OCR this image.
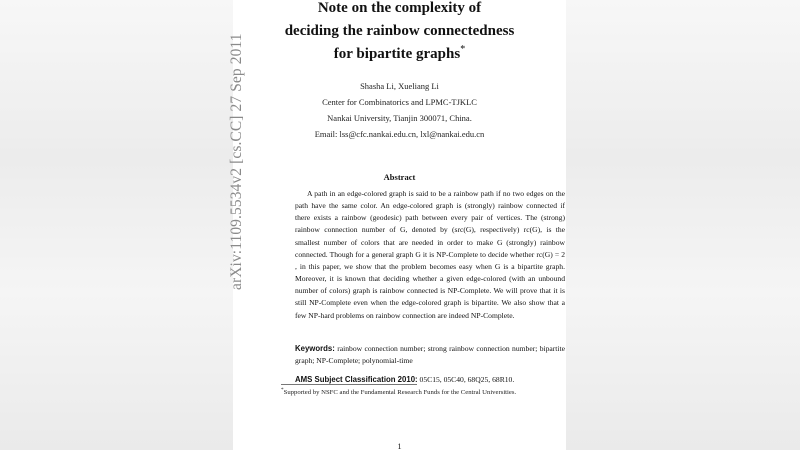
Note on the complexity of
deciding the rainbow connectedness
for bipartite graphs*
Shasha Li, Xueliang Li
Center for Combinatorics and LPMC-TJKLC
Nankai University, Tianjin 300071, China.
Email: lss@cfc.nankai.edu.cn, lxl@nankai.edu.cn
Abstract

A path in an edge-colored graph is said to be a rainbow path if no two edges on the path have the same color. An edge-colored graph is (strongly) rainbow connected if there exists a rainbow (geodesic) path between every pair of vertices. The (strong) rainbow connection number of G, denoted by (src(G), respectively) rc(G), is the smallest number of colors that are needed in order to make G (strongly) rainbow connected. Though for a general graph G it is NP-Complete to decide whether rc(G) = 2 , in this paper, we show that the problem becomes easy when G is a bipartite graph. Moreover, it is known that deciding whether a given edge-colored (with an unbound number of colors) graph is rainbow connected is NP-Complete. We will prove that it is still NP-Complete even when the edge-colored graph is bipartite. We also show that a few NP-hard problems on rainbow connection are indeed NP-Complete.

Keywords: rainbow connection number; strong rainbow connection number; bipartite graph; NP-Complete; polynomial-time
AMS Subject Classification 2010: 05C15, 05C40, 68Q25, 68R10.
*Supported by NSFC and the Fundamental Research Funds for the Central Universities.
1
arXiv:1109.5534v2 [cs.CC] 27 Sep 2011
